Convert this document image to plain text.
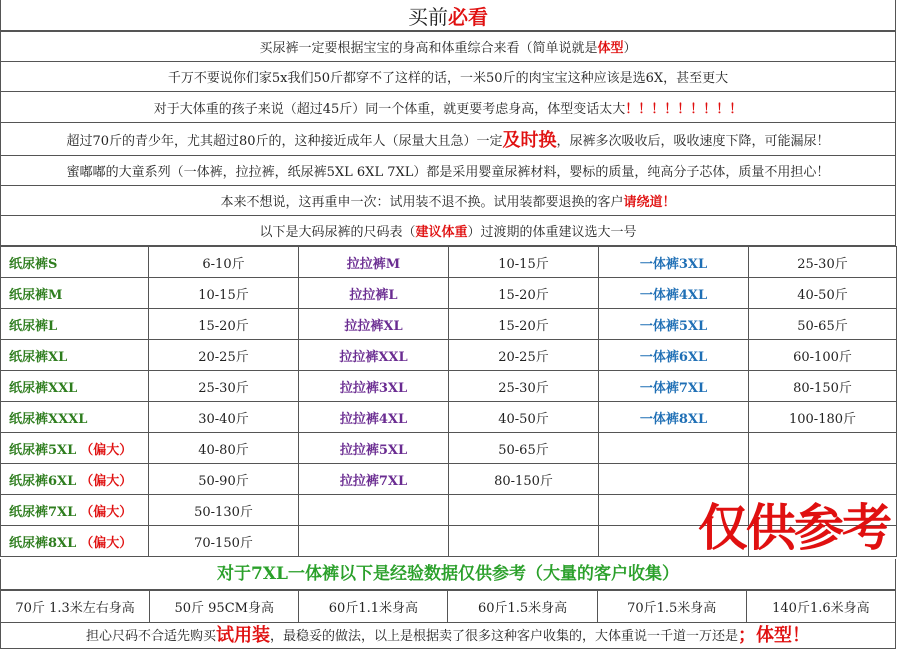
买前 必看
买尿裤一定要根据宝宝的身高和体重综合来看（简单说就是 体型 ）
千万不要说你们家5x我们50斤都穿不了这样的话，一米50斤的肉宝宝这种应该是选6X，甚至更大
对于大体重的孩子来说（超过45斤）同一个体重，就更要考虑身高，体型变话太大 ！！！！！！！！！
超过70斤的青少年，尤其超过80斤的，这种接近成年人（尿量大且急）一定 及时换 ，尿裤多次吸收后，吸收速度下降，可能漏尿！
蜜嘟嘟的大童系列（一体裤，拉拉裤，纸尿裤5XL 6XL 7XL）都是采用婴童尿裤材料，婴标的质量，纯高分子芯体，质量不用担心！
本来不想说，这再重申一次：试用装不退不换。试用装都要退换的客户 请绕道！
以下是大码尿裤的尺码表（ 建议体重 ）过渡期的体重建议选大一号
纸尿裤S	6-10斤	拉拉裤M	10-15斤	一体裤3XL	25-30斤
纸尿裤M	10-15斤	拉拉裤L	15-20斤	一体裤4XL	40-50斤
纸尿裤L	15-20斤	拉拉裤XL	15-20斤	一体裤5XL	50-65斤
纸尿裤XL	20-25斤	拉拉裤XXL	20-25斤	一体裤6XL	60-100斤
纸尿裤XXL	25-30斤	拉拉裤3XL	25-30斤	一体裤7XL	80-150斤
纸尿裤XXXL	30-40斤	拉拉裤4XL	40-50斤	一体裤8XL	100-180斤
纸尿裤5XL （偏大）	40-80斤	拉拉裤5XL	50-65斤		
纸尿裤6XL （偏大）	50-90斤	拉拉裤7XL	80-150斤		
纸尿裤7XL （偏大）	50-130斤				
纸尿裤8XL （偏大）	70-150斤					仅供参考
对于7XL一体裤以下是经验数据仅供参考（大量的客户收集）
70斤 1.3米左右身高	50斤 95CM身高	60斤1.1米身高	60斤1.5米身高	70斤1.5米身高	140斤1.6米身高
担心尺码不合适先购买 试用装 ，最稳妥的做法，以上是根据卖了很多这种客户收集的，大体重说一千道一万还是 ；体型！
